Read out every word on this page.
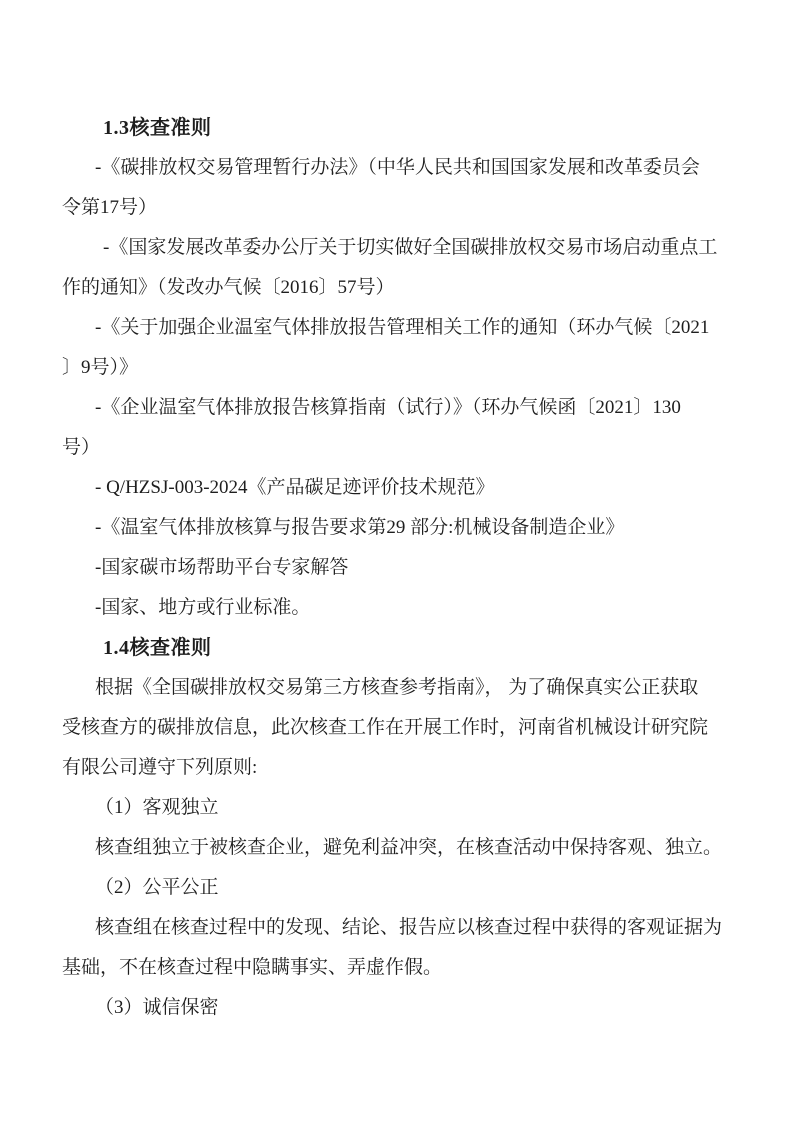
1.3核查准则
-《碳排放权交易管理暂行办法》（中华人民共和国国家发展和改革委员会
令第17号）
-《国家发展改革委办公厅关于切实做好全国碳排放权交易市场启动重点工
作的通知》（发改办气候〔2016〕57号）
-《关于加强企业温室气体排放报告管理相关工作的通知（环办气候〔2021
〕9号）》
-《企业温室气体排放报告核算指南（试行）》（环办气候函〔2021〕130
号）
- Q/HZSJ-003-2024《产品碳足迹评价技术规范》
-《温室气体排放核算与报告要求第29 部分:机械设备制造企业》
-国家碳市场帮助平台专家解答
-国家、地方或行业标准。
1.4核查准则
根据《全国碳排放权交易第三方核查参考指南》， 为了确保真实公正获取
受核查方的碳排放信息，此次核查工作在开展工作时，河南省机械设计研究院
有限公司遵守下列原则:
（1）客观独立
核查组独立于被核查企业，避免利益冲突，在核查活动中保持客观、独立。
（2）公平公正
核查组在核查过程中的发现、结论、报告应以核查过程中获得的客观证据为
基础，不在核查过程中隐瞒事实、弄虚作假。
（3）诚信保密
